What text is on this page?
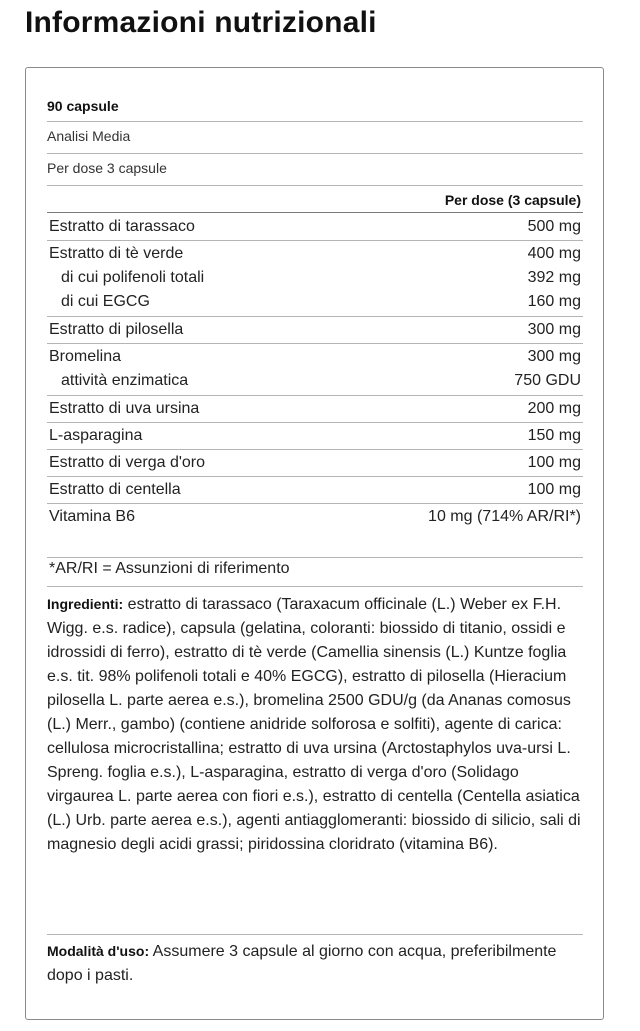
Informazioni nutrizionali
90 capsule
Analisi Media
Per dose 3 capsule
Per dose (3 capsule)
Estratto di tarassaco	500 mg
Estratto di tè verde	400 mg
di cui polifenoli totali	392 mg
di cui EGCG	160 mg
Estratto di pilosella	300 mg
Bromelina	300 mg
attività enzimatica	750 GDU
Estratto di uva ursina	200 mg
L-asparagina	150 mg
Estratto di verga d'oro	100 mg
Estratto di centella	100 mg
Vitamina B6	10 mg (714% AR/RI*)
*AR/RI = Assunzioni di riferimento
Ingredienti: estratto di tarassaco (Taraxacum officinale (L.) Weber ex F.H. Wigg. e.s. radice), capsula (gelatina, coloranti: biossido di titanio, ossidi e idrossidi di ferro), estratto di tè verde (Camellia sinensis (L.) Kuntze foglia e.s. tit. 98% polifenoli totali e 40% EGCG), estratto di pilosella (Hieracium pilosella L. parte aerea e.s.), bromelina 2500 GDU/g (da Ananas comosus (L.) Merr., gambo) (contiene anidride solforosa e solfiti), agente di carica: cellulosa microcristallina; estratto di uva ursina (Arctostaphylos uva-ursi L. Spreng. foglia e.s.), L-asparagina, estratto di verga d'oro (Solidago virgaurea L. parte aerea con fiori e.s.), estratto di centella (Centella asiatica (L.) Urb. parte aerea e.s.), agenti antiagglomeranti: biossido di silicio, sali di magnesio degli acidi grassi; piridossina cloridrato (vitamina B6).
Modalità d'uso: Assumere 3 capsule al giorno con acqua, preferibilmente dopo i pasti.
